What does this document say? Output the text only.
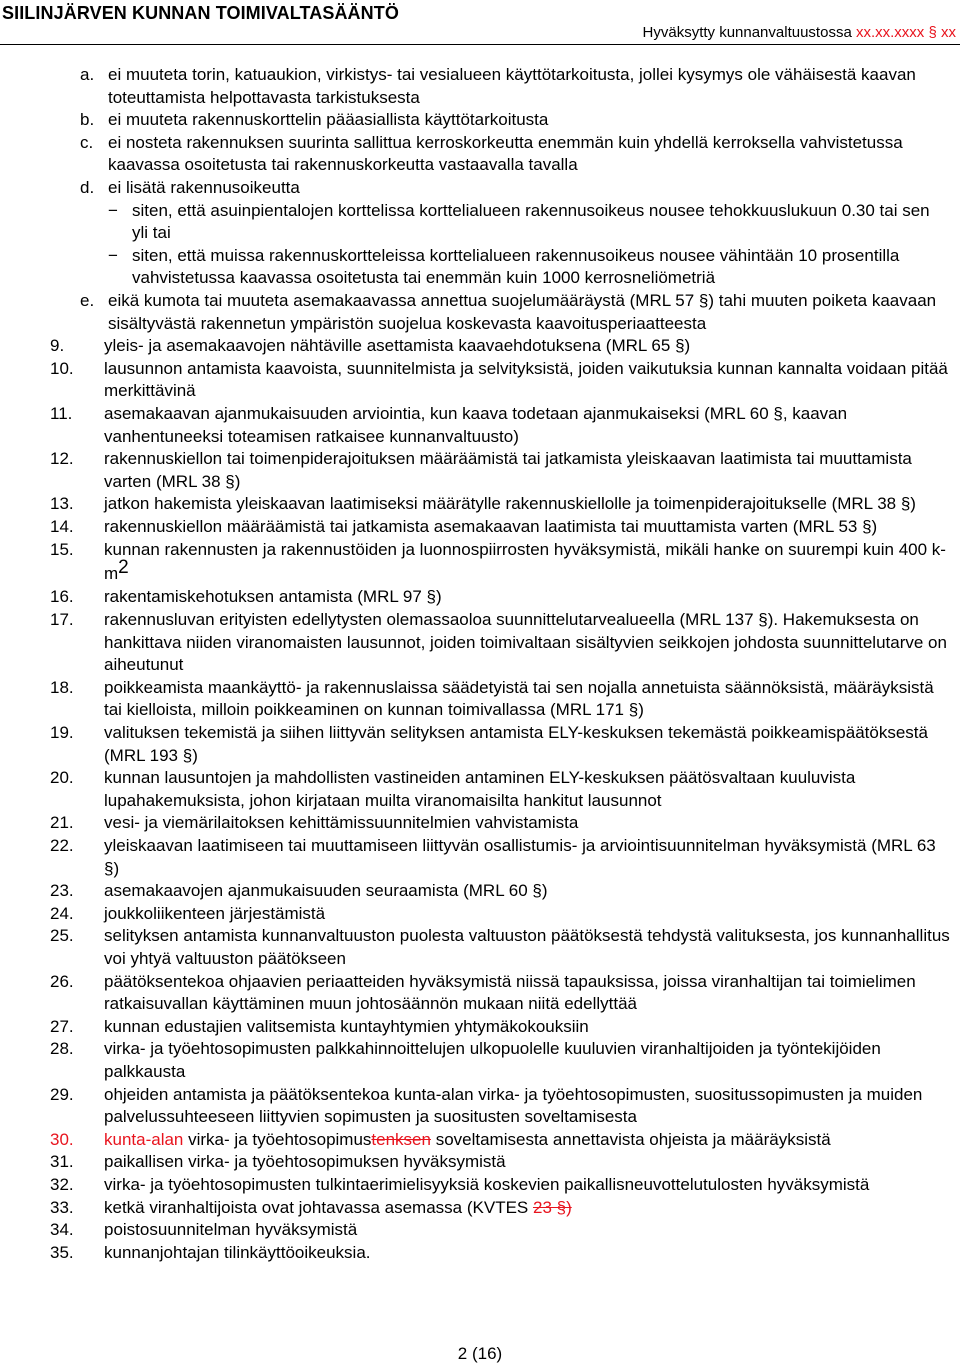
SIILINJÄRVEN KUNNAN TOIMIVALTASÄÄNTÖ
Hyväksytty kunnanvaltuustossa xx.xx.xxxx § xx
a. ei muuteta torin, katuaukion, virkistys- tai vesialueen käyttötarkoitusta, jollei kysymys ole vähäisestä kaavan toteuttamista helpottavasta tarkistuksesta
b. ei muuteta rakennuskorttelin pääasiallista käyttötarkoitusta
c. ei nosteta rakennuksen suurinta sallittua kerroskorkeutta enemmän kuin yhdellä kerroksella vahvistetussa kaavassa osoitetusta tai rakennuskorkeutta vastaavalla tavalla
d. ei lisätä rakennusoikeutta
− siten, että asuinpientalojen korttelissa korttelialueen rakennusoikeus nousee tehokkuuslukuun 0.30 tai sen yli tai
− siten, että muissa rakennuskortteleissa korttelialueen rakennusoikeus nousee vähintään 10 prosentilla vahvistetussa kaavassa osoitetusta tai enemmän kuin 1000 kerrosneliömetriä
e. eikä kumota tai muuteta asemakaavassa annettua suojelumääräystä (MRL 57 §) tahi muuten poiketa kaavaan sisältyvästä rakennetun ympäristön suojelua koskevasta kaavoitusperiaatteesta
9. yleis- ja asemakaavojen nähtäville asettamista kaavaehdotuksena (MRL 65 §)
10. lausunnon antamista kaavoista, suunnitelmista ja selvityksistä, joiden vaikutuksia kunnan kannalta voidaan pitää merkittävinä
11. asemakaavan ajanmukaisuuden arviointia, kun kaava todetaan ajanmukaiseksi (MRL 60 §, kaavan vanhentuneeksi toteamisen ratkaisee kunnanvaltuusto)
12. rakennuskiellon tai toimenpiderajoituksen määräämistä tai jatkamista yleiskaavan laatimista tai muuttamista varten (MRL 38 §)
13. jatkon hakemista yleiskaavan laatimiseksi määrätylle rakennuskiellolle ja toimenpiderajoitukselle (MRL 38 §)
14. rakennuskiellon määräämistä tai jatkamista asemakaavan laatimista tai muuttamista varten (MRL 53 §)
15. kunnan rakennusten ja rakennustöiden ja luonnospiirrosten hyväksymistä, mikäli hanke on suurempi kuin 400 $k-m^2$
16. rakentamiskehotuksen antamista (MRL 97 §)
17. rakennusluvan erityisten edellytysten olemassaoloa suunnittelutarvealueella (MRL 137 §). Hakemuksesta on hankittava niiden viranomaisten lausunnot, joiden toimivaltaan sisältyvien seikkojen johdosta suunnittelutarve on aiheutunut
18. poikkeamista maankäyttö- ja rakennuslaissa säädetyistä tai sen nojalla annetuista säännöksistä, määräyksistä tai kielloista, milloin poikkeaminen on kunnan toimivallassa (MRL 171 §)
19. valituksen tekemistä ja siihen liittyvän selityksen antamista ELY-keskuksen tekemästä poikkeamispäätöksestä (MRL 193 §)
20. kunnan lausuntojen ja mahdollisten vastineiden antaminen ELY-keskuksen päätösvaltaan kuuluvista lupahakemuksista, johon kirjataan muilta viranomaisilta hankitut lausunnot
21. vesi- ja viemärilaitoksen kehittämissuunnitelmien vahvistamista
22. yleiskaavan laatimiseen tai muuttamiseen liittyvän osallistumis- ja arviointisuunnitelman hyväksymistä (MRL 63 §)
23. asemakaavojen ajanmukaisuuden seuraamista (MRL 60 §)
24. joukkoliikenteen järjestämistä
25. selityksen antamista kunnanvaltuuston puolesta valtuuston päätöksestä tehdystä valituksesta, jos kunnanhallitus voi yhtyä valtuuston päätökseen
26. päätöksentekoa ohjaavien periaatteiden hyväksymistä niissä tapauksissa, joissa viranhaltijan tai toimielimen ratkaisuvallan käyttäminen muun johtosäännön mukaan niitä edellyttää
27. kunnan edustajien valitsemista kuntayhtymien yhtymäkokouksiin
28. virka- ja työehtosopimusten palkkahinnoittelujen ulkopuolelle kuuluvien viranhaltijoiden ja työntekijöiden palkkausta
29. ohjeiden antamista ja päätöksentekoa kunta-alan virka- ja työehtosopimusten, suositussopimusten ja muiden palvelussuhteeseen liittyvien sopimusten ja suositusten soveltamisesta
30. kunta-alan virka- ja työehtosopimustenksen soveltamisesta annettavista ohjeista ja määräyksistä
31. paikallisen virka- ja työehtosopimuksen hyväksymistä
32. virka- ja työehtosopimusten tulkintaerimielisyyksiä koskevien paikallisneuvottelutulosten hyväksymistä
33. ketkä viranhaltijoista ovat johtavassa asemassa (KVTES 23 §)
34. poistosuunnitelman hyväksymistä
35. kunnanjohtajan tilinkäyttöoikeuksia.
2 (16)
